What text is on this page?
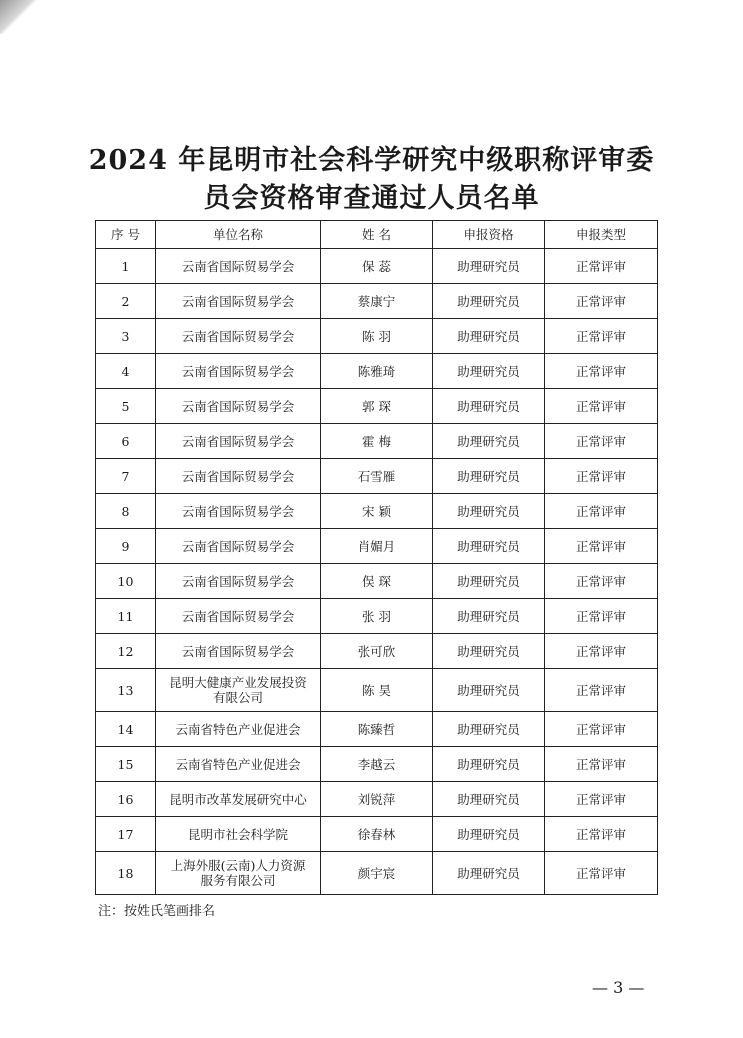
2024 年昆明市社会科学研究中级职称评审委
员会资格审查通过人员名单
序 号	单位名称	姓 名	申报资格	申报类型
1	云南省国际贸易学会	保 蕊	助理研究员	正常评审
2	云南省国际贸易学会	蔡康宁	助理研究员	正常评审
3	云南省国际贸易学会	陈 羽	助理研究员	正常评审
4	云南省国际贸易学会	陈雅琦	助理研究员	正常评审
5	云南省国际贸易学会	郭 琛	助理研究员	正常评审
6	云南省国际贸易学会	霍 梅	助理研究员	正常评审
7	云南省国际贸易学会	石雪雁	助理研究员	正常评审
8	云南省国际贸易学会	宋 颖	助理研究员	正常评审
9	云南省国际贸易学会	肖媚月	助理研究员	正常评审
10	云南省国际贸易学会	俣 琛	助理研究员	正常评审
11	云南省国际贸易学会	张 羽	助理研究员	正常评审
12	云南省国际贸易学会	张可欣	助理研究员	正常评审
13	昆明大健康产业发展投资有限公司	陈 昊	助理研究员	正常评审
14	云南省特色产业促进会	陈臻哲	助理研究员	正常评审
15	云南省特色产业促进会	李越云	助理研究员	正常评审
16	昆明市改革发展研究中心	刘锐萍	助理研究员	正常评审
17	昆明市社会科学院	徐春林	助理研究员	正常评审
18	上海外服(云南)人力资源服务有限公司	颜宇宸	助理研究员	正常评审
注：按姓氏笔画排名
— 3 —
